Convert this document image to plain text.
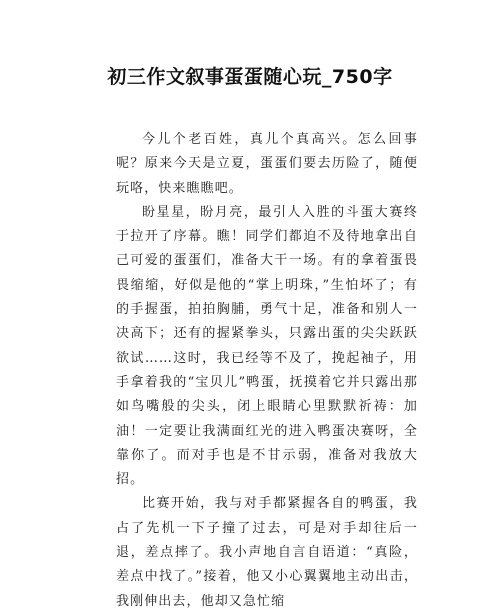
初三作文叙事蛋蛋随心玩_750字

今儿个老百姓，真儿个真高兴。怎么回事呢？原来今天是立夏，蛋蛋们要去历险了，随便玩咯，快来瞧瞧吧。

盼星星，盼月亮，最引人入胜的斗蛋大赛终于拉开了序幕。瞧！同学们都迫不及待地拿出自己可爱的蛋蛋们，准备大干一场。有的拿着蛋畏畏缩缩，好似是他的“掌上明珠，”生怕坏了；有的手握蛋，拍拍胸脯，勇气十足，准备和别人一决高下；还有的握紧拳头，只露出蛋的尖尖跃跃欲试……这时，我已经等不及了，挽起袖子，用手拿着我的“宝贝儿”鸭蛋，抚摸着它并只露出那如鸟嘴般的尖头，闭上眼睛心里默默祈祷：加油！一定要让我满面红光的进入鸭蛋决赛呀，全靠你了。而对手也是不甘示弱，准备对我放大招。

比赛开始，我与对手都紧握各自的鸭蛋，我占了先机一下子撞了过去，可是对手却往后一退，差点摔了。我小声地自言自语道：“真险，差点中找了。”接着，他又小心翼翼地主动出击，我刚伸出去，他却又急忙缩
